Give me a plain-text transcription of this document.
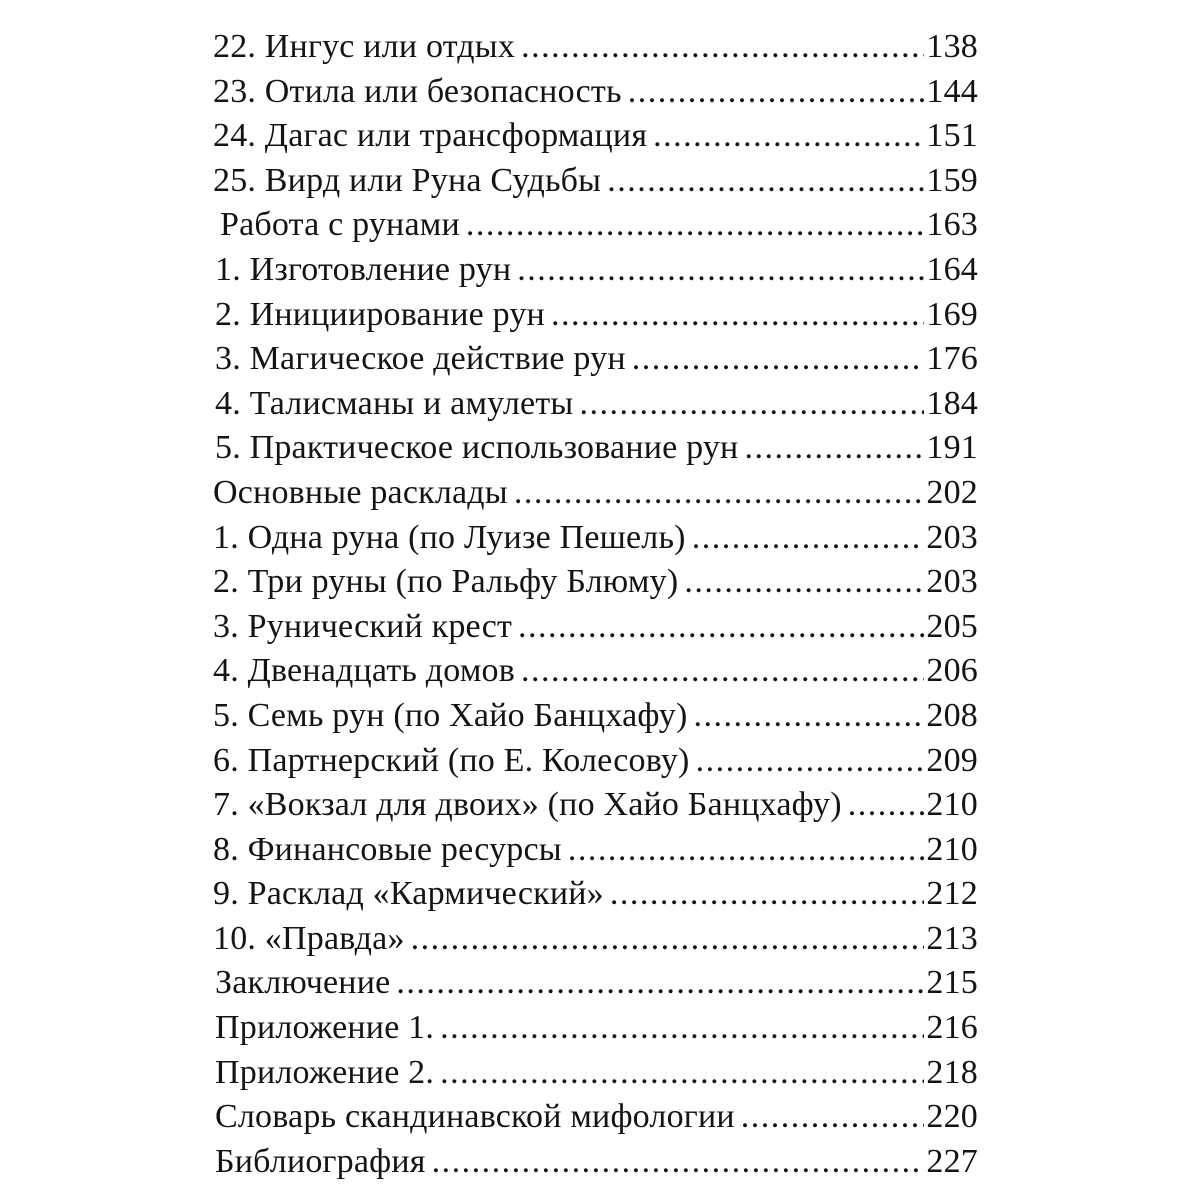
22. Ингус или отдых .....	138
23. Отила или безопасность .....	144
24. Дагас или трансформация .....	151
25. Вирд или Руна Судьбы .....	159
Работа с рунами .....	163
1. Изготовление рун .....	164
2. Инициирование рун .....	169
3. Магическое действие рун .....	176
4. Талисманы и амулеты .....	184
5. Практическое использование рун .....	191
Основные расклады .....	202
1. Одна руна (по Луизе Пешель) .....	203
2. Три руны (по Ральфу Блюму) .....	203
3. Рунический крест .....	205
4. Двенадцать домов .....	206
5. Семь рун (по Хайо Банцхафу) .....	208
6. Партнерский (по Е. Колесову) .....	209
7. «Вокзал для двоих» (по Хайо Банцхафу) ..... 210
8. Финансовые ресурсы .....	210
9. Расклад «Кармический» .....	212
10. «Правда» .....	213
Заключение .....	215
Приложение 1. .....	216
Приложение 2. .....	218
Словарь скандинавской мифологии .....	220
Библиография .....	227
